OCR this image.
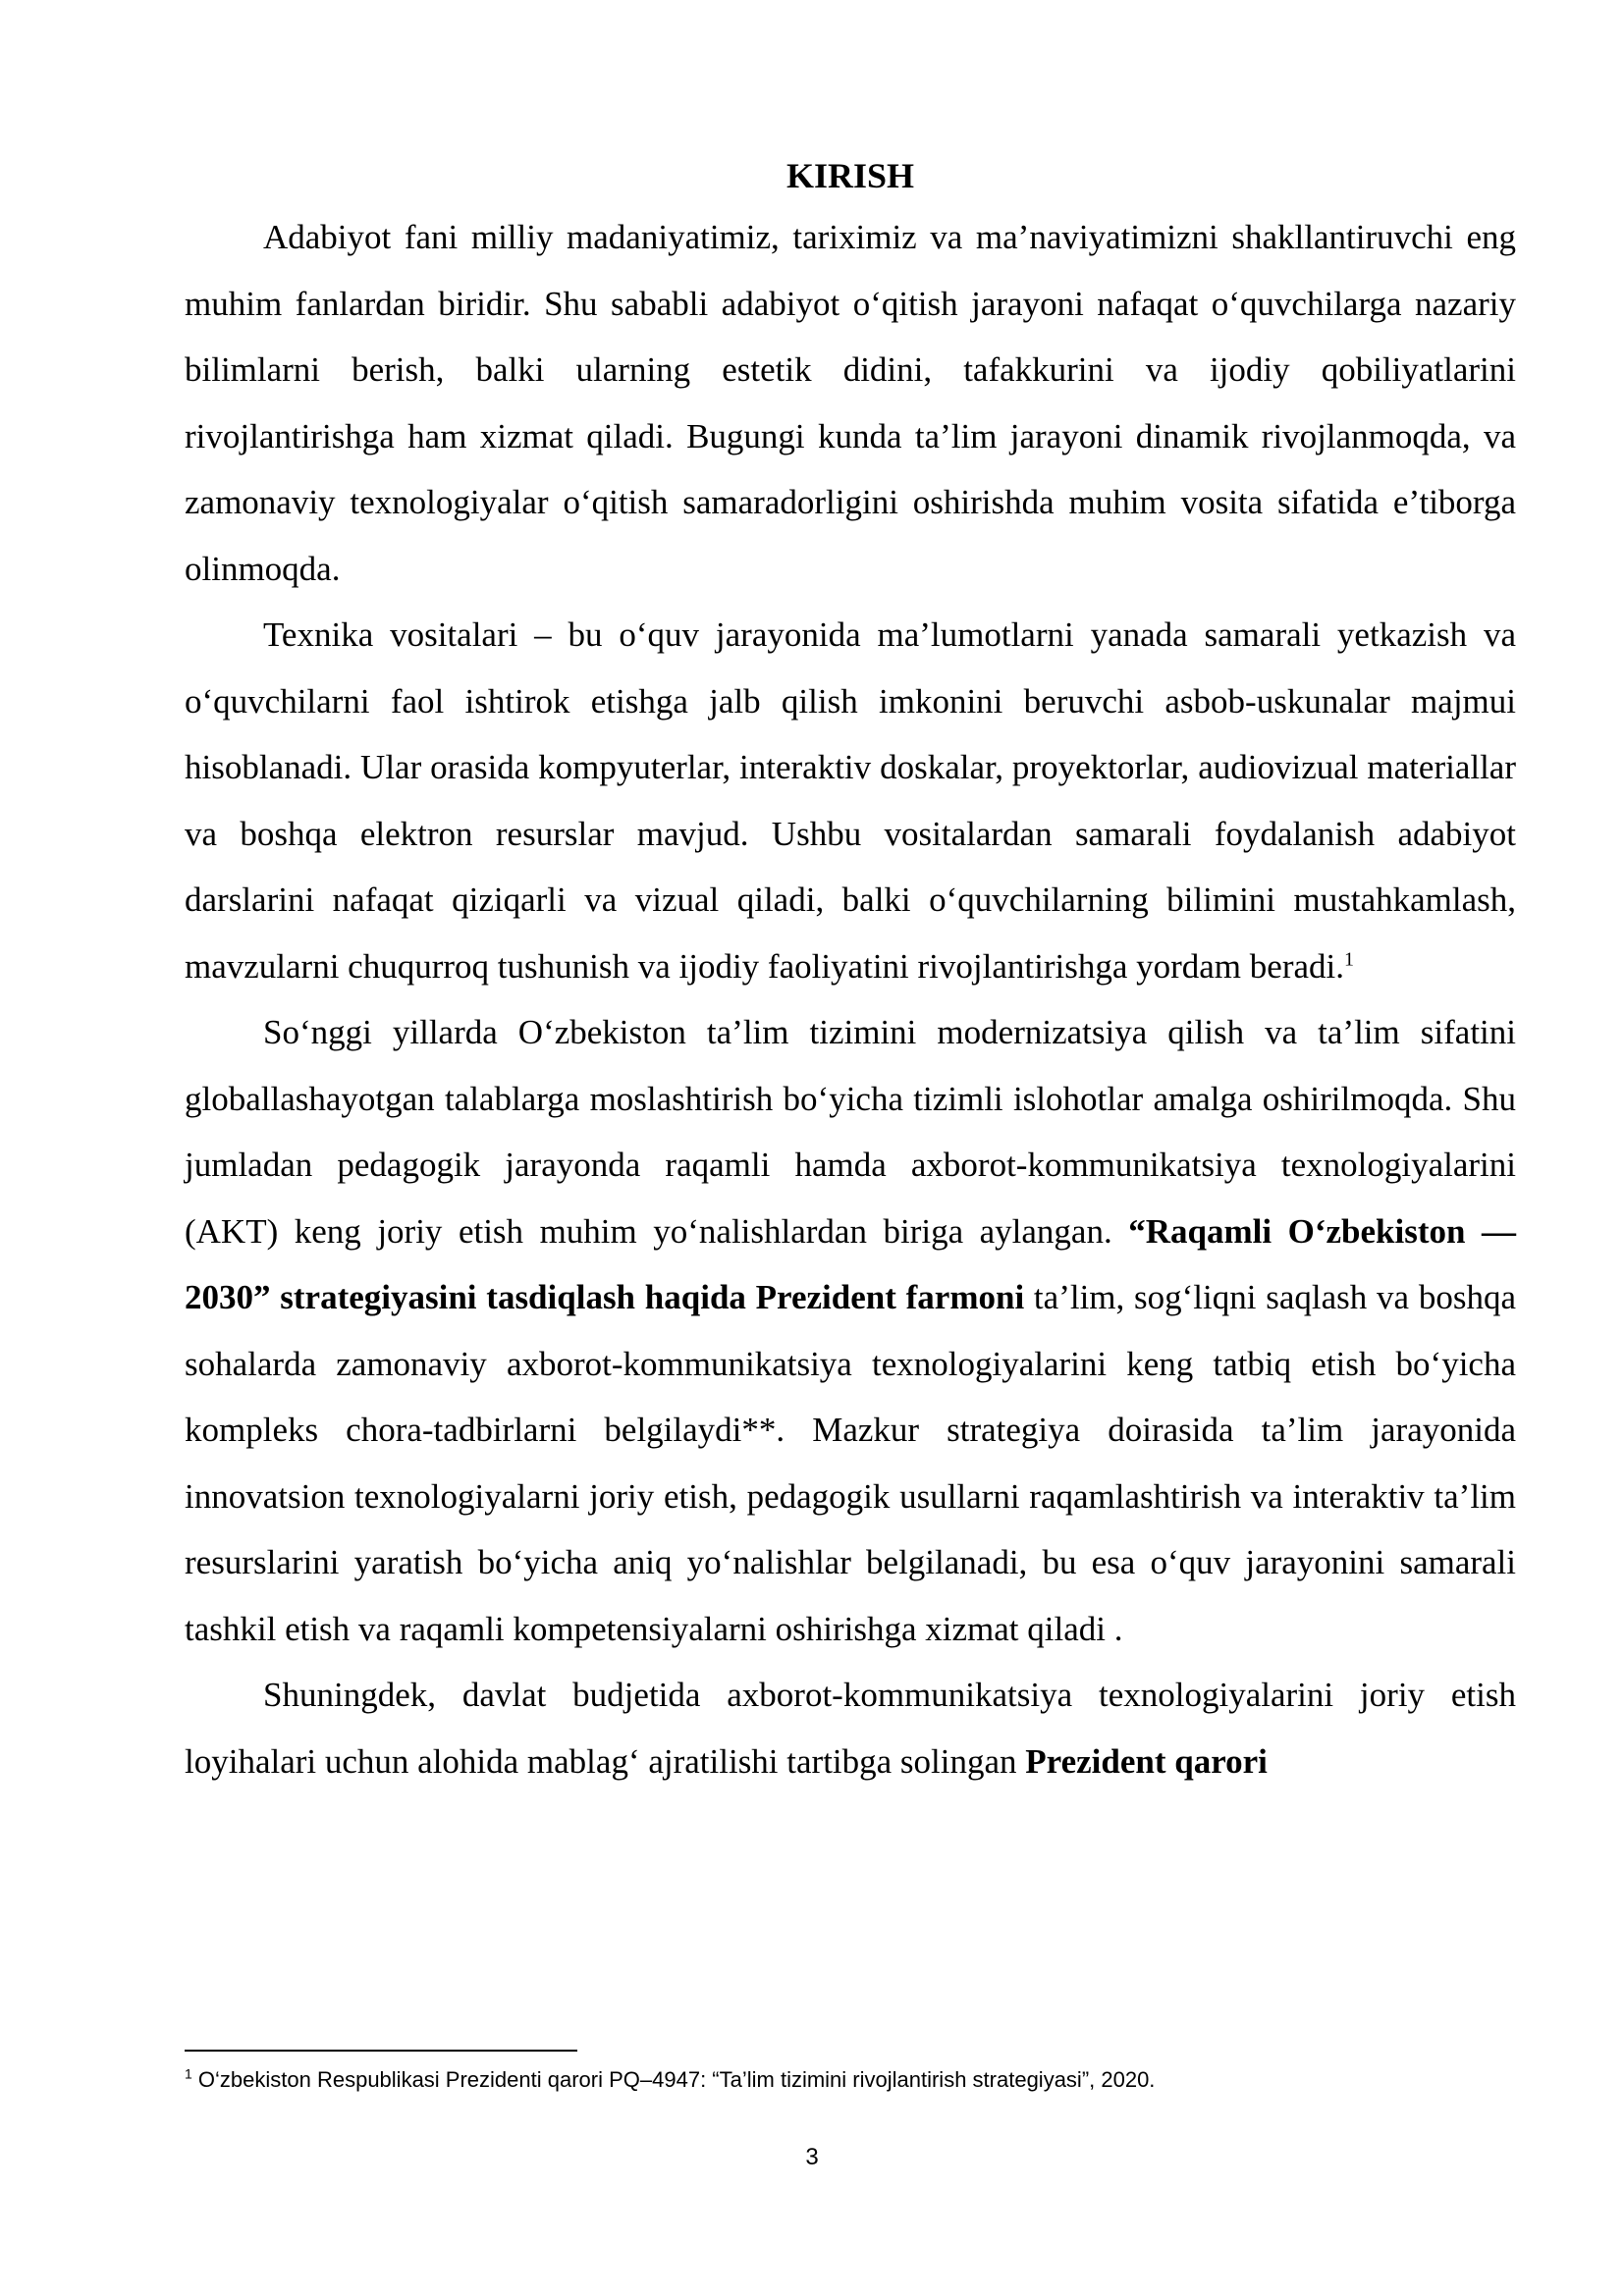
KIRISH

Adabiyot fani milliy madaniyatimiz, tariximiz va ma’naviyatimizni shakllantiruvchi eng muhim fanlardan biridir. Shu sababli adabiyot o‘qitish jarayoni nafaqat o‘quvchilarga nazariy bilimlarni berish, balki ularning estetik didini, tafakkurini va ijodiy qobiliyatlarini rivojlantirishga ham xizmat qiladi. Bugungi kunda ta’lim jarayoni dinamik rivojlanmoqda, va zamonaviy texnologiyalar o‘qitish samaradorligini oshirishda muhim vosita sifatida e’tiborga olinmoqda.

Texnika vositalari – bu o‘quv jarayonida ma’lumotlarni yanada samarali yetkazish va o‘quvchilarni faol ishtirok etishga jalb qilish imkonini beruvchi asbob-uskunalar majmui hisoblanadi. Ular orasida kompyuterlar, interaktiv doskalar, proyektorlar, audiovizual materiallar va boshqa elektron resurslar mavjud. Ushbu vositalardan samarali foydalanish adabiyot darslarini nafaqat qiziqarli va vizual qiladi, balki o‘quvchilarning bilimini mustahkamlash, mavzularni chuqurroq tushunish va ijodiy faoliyatini rivojlantirishga yordam beradi.$^1$

So‘nggi yillarda O‘zbekiston ta’lim tizimini modernizatsiya qilish va ta’lim sifatini globallashayotgan talablarga moslashtirish bo‘yicha tizimli islohotlar amalga oshirilmoqda. Shu jumladan pedagogik jarayonda raqamli hamda axborot-kommunikatsiya texnologiyalarini (AKT) keng joriy etish muhim yo‘nalishlardan biriga aylangan. “Raqamli O‘zbekiston — 2030” strategiyasini tasdiqlash haqida Prezident farmoni ta’lim, sog‘liqni saqlash va boshqa sohalarda zamonaviy axborot-kommunikatsiya texnologiyalarini keng tatbiq etish bo‘yicha kompleks chora-tadbirlarni belgilaydi**. Mazkur strategiya doirasida ta’lim jarayonida innovatsion texnologiyalarni joriy etish, pedagogik usullarni raqamlashtirish va interaktiv ta’lim resurslarini yaratish bo‘yicha aniq yo‘nalishlar belgilanadi, bu esa o‘quv jarayonini samarali tashkil etish va raqamli kompetensiyalarni oshirishga xizmat qiladi .

Shuningdek, davlat budjetida axborot-kommunikatsiya texnologiyalarini joriy etish loyihalari uchun alohida mablag‘ ajratilishi tartibga solingan Prezident qarori

$^1$ O‘zbekiston Respublikasi Prezidenti qarori PQ–4947: “Ta’lim tizimini rivojlantirish strategiyasi”, 2020.

3
